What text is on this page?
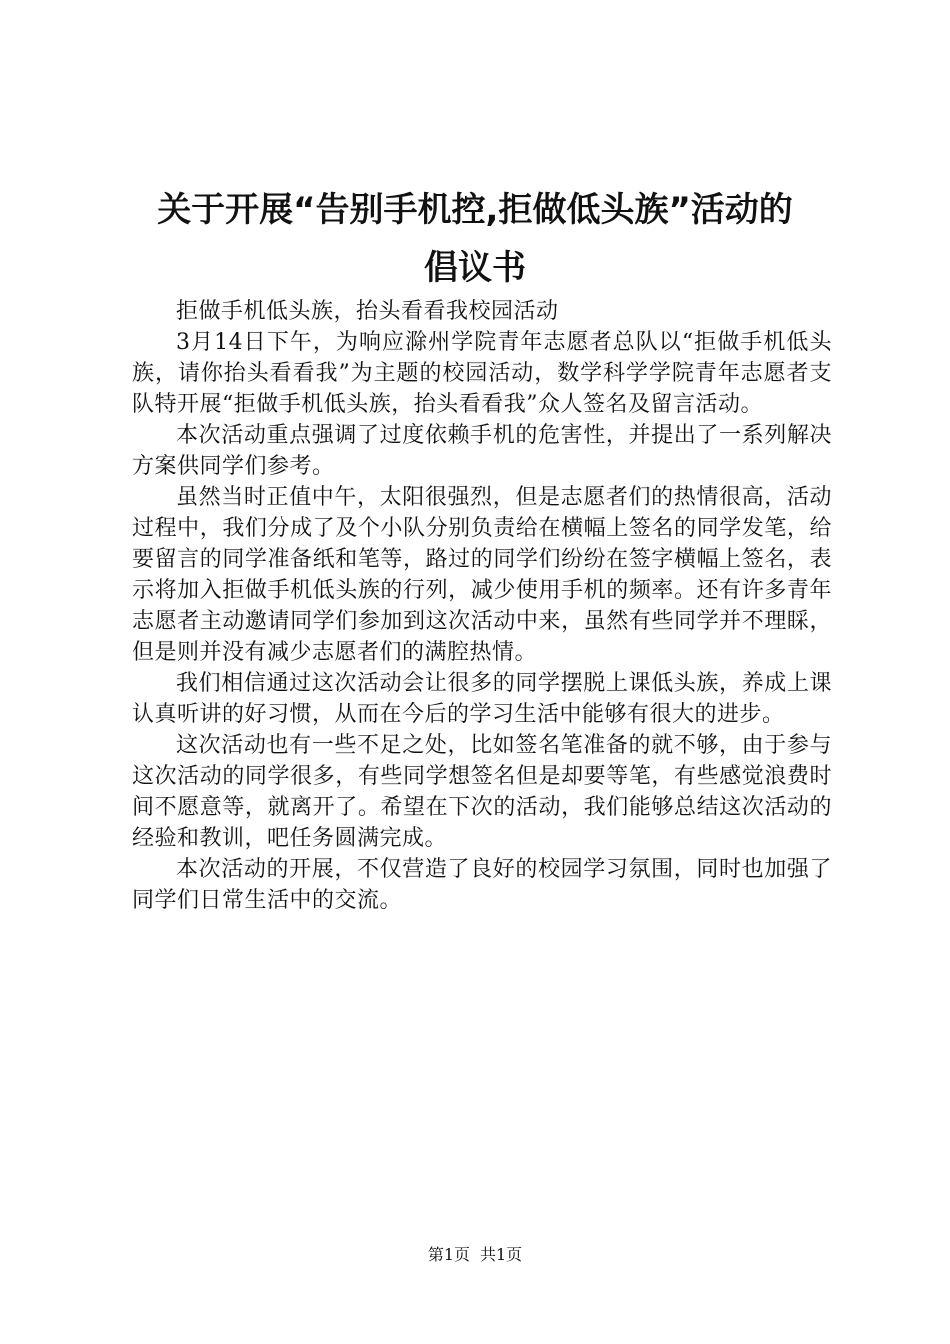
关于开展“告别手机控,拒做低头族”活动的
倡议书

拒做手机低头族，抬头看看我校园活动

3月14日下午，为响应滁州学院青年志愿者总队以“拒做手机低头族，请你抬头看看我”为主题的校园活动，数学科学学院青年志愿者支队特开展“拒做手机低头族，抬头看看我”众人签名及留言活动。

本次活动重点强调了过度依赖手机的危害性，并提出了一系列解决方案供同学们参考。

虽然当时正值中午，太阳很强烈，但是志愿者们的热情很高，活动过程中，我们分成了及个小队分别负责给在横幅上签名的同学发笔，给要留言的同学准备纸和笔等，路过的同学们纷纷在签字横幅上签名，表示将加入拒做手机低头族的行列，减少使用手机的频率。还有许多青年志愿者主动邀请同学们参加到这次活动中来，虽然有些同学并不理睬，但是则并没有减少志愿者们的满腔热情。

我们相信通过这次活动会让很多的同学摆脱上课低头族，养成上课认真听讲的好习惯，从而在今后的学习生活中能够有很大的进步。

这次活动也有一些不足之处，比如签名笔准备的就不够，由于参与这次活动的同学很多，有些同学想签名但是却要等笔，有些感觉浪费时间不愿意等，就离开了。希望在下次的活动，我们能够总结这次活动的经验和教训，吧任务圆满完成。

本次活动的开展，不仅营造了良好的校园学习氛围，同时也加强了同学们日常生活中的交流。

第1页 共1页
